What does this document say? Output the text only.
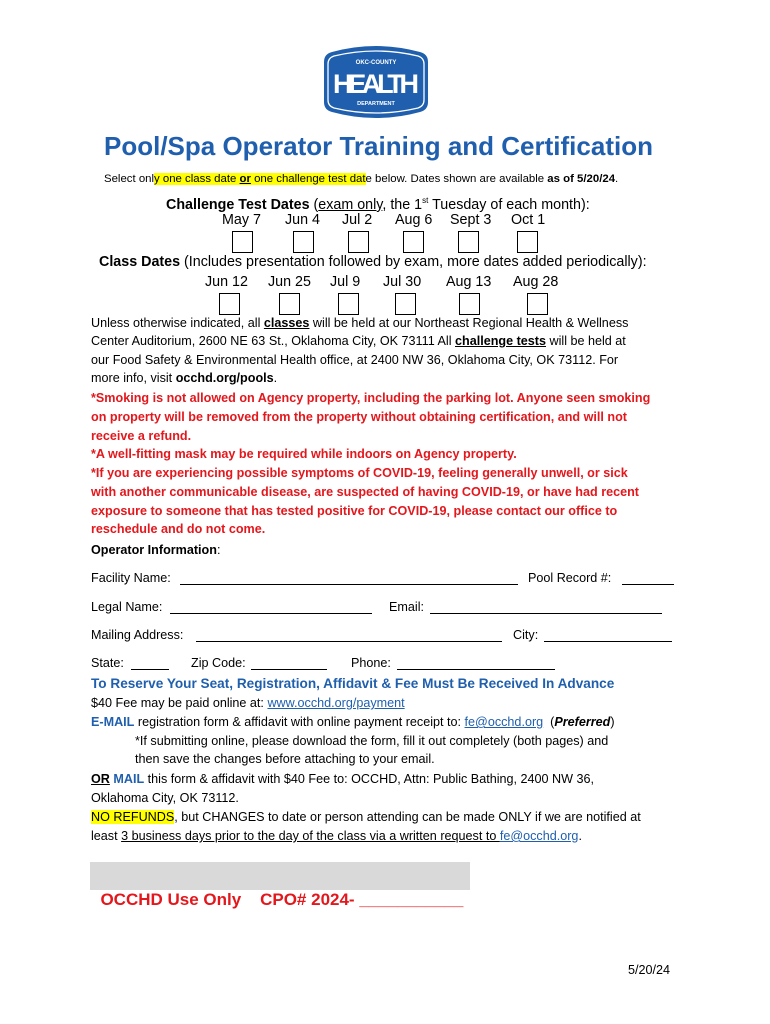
OKC-COUNTY
HEALTH
DEPARTMENT
Pool/Spa Operator Training and Certification
Select only one class date or one challenge test date below. Dates shown are available as of 5/20/24.
Challenge Test Dates (exam only, the 1st Tuesday of each month):
May 7 Jun 4 Jul 2 Aug 6 Sept 3 Oct 1
Class Dates (Includes presentation followed by exam, more dates added periodically):
Jun 12 Jun 25 Jul 9 Jul 30 Aug 13 Aug 28
Unless otherwise indicated, all classes will be held at our Northeast Regional Health & Wellness
Center Auditorium, 2600 NE 63 St., Oklahoma City, OK 73111 All challenge tests will be held at
our Food Safety & Environmental Health office, at 2400 NW 36, Oklahoma City, OK 73112. For
more info, visit occhd.org/pools.
*Smoking is not allowed on Agency property, including the parking lot. Anyone seen smoking
on property will be removed from the property without obtaining certification, and will not
receive a refund.
*A well-fitting mask may be required while indoors on Agency property.
*If you are experiencing possible symptoms of COVID-19, feeling generally unwell, or sick
with another communicable disease, are suspected of having COVID-19, or have had recent
exposure to someone that has tested positive for COVID-19, please contact our office to
reschedule and do not come.
Operator Information:
Facility Name:	Pool Record #:
Legal Name:	Email:
Mailing Address:	City:
State:	Zip Code:	Phone:
To Reserve Your Seat, Registration, Affidavit & Fee Must Be Received In Advance
$40 Fee may be paid online at: www.occhd.org/payment
E-MAIL registration form & affidavit with online payment receipt to: fe@occhd.org  (Preferred)
*If submitting online, please download the form, fill it out completely (both pages) and
then save the changes before attaching to your email.
OR MAIL this form & affidavit with $40 Fee to: OCCHD, Attn: Public Bathing, 2400 NW 36,
Oklahoma City, OK 73112.
NO REFUNDS, but CHANGES to date or person attending can be made ONLY if we are notified at
least 3 business days prior to the day of the class via a written request to fe@occhd.org.

OCCHD Use Only    CPO# 2024- ___________

5/20/24
